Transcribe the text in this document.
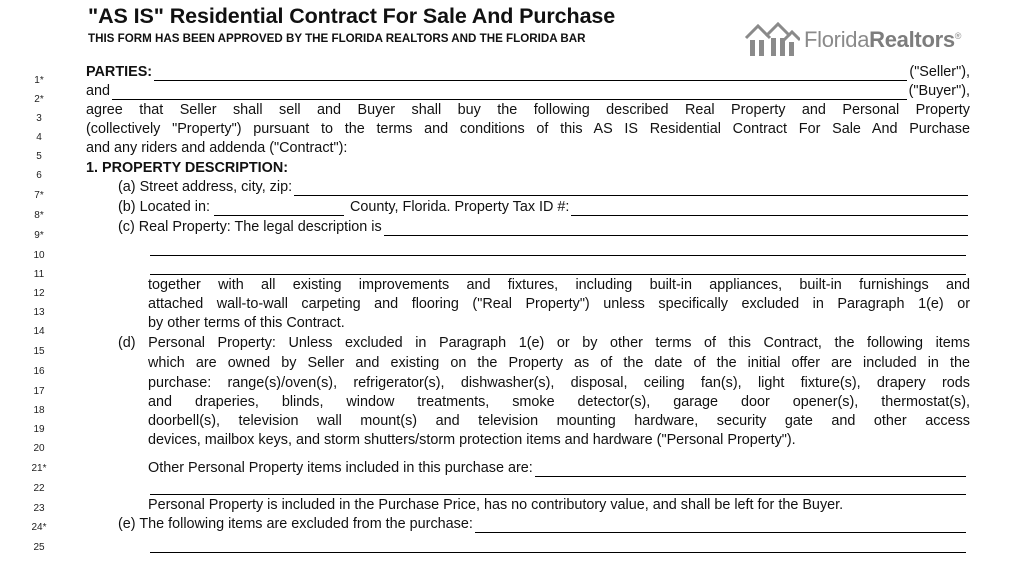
"AS IS" Residential Contract For Sale And Purchase
THIS FORM HAS BEEN APPROVED BY THE FLORIDA REALTORS AND THE FLORIDA BAR	FloridaRealtors®
1*
2*
3
4
5
6
7*
8*
9*
10
11
12
13
14
15
16
17
18
19
20
21*
22
23
24*
25
PARTIES:	("Seller"),
and	("Buyer"),
agree that Seller shall sell and Buyer shall buy the following described Real Property and Personal Property
(collectively "Property") pursuant to the terms and conditions of this AS IS Residential Contract For Sale And Purchase
and any riders and addenda ("Contract"):
1. PROPERTY DESCRIPTION:
(a) Street address, city, zip:
(b) Located in:	County, Florida. Property Tax ID #:
(c) Real Property: The legal description is
together with all existing improvements and fixtures, including built-in appliances, built-in furnishings and
attached wall-to-wall carpeting and flooring ("Real Property") unless specifically excluded in Paragraph 1(e) or
by other terms of this Contract.
(d) Personal Property: Unless excluded in Paragraph 1(e) or by other terms of this Contract, the following items
which are owned by Seller and existing on the Property as of the date of the initial offer are included in the
purchase: range(s)/oven(s), refrigerator(s), dishwasher(s), disposal, ceiling fan(s), light fixture(s), drapery rods
and draperies, blinds, window treatments, smoke detector(s), garage door opener(s), thermostat(s),
doorbell(s), television wall mount(s) and television mounting hardware, security gate and other access
devices, mailbox keys, and storm shutters/storm protection items and hardware ("Personal Property").
Other Personal Property items included in this purchase are:
Personal Property is included in the Purchase Price, has no contributory value, and shall be left for the Buyer.
(e) The following items are excluded from the purchase:
